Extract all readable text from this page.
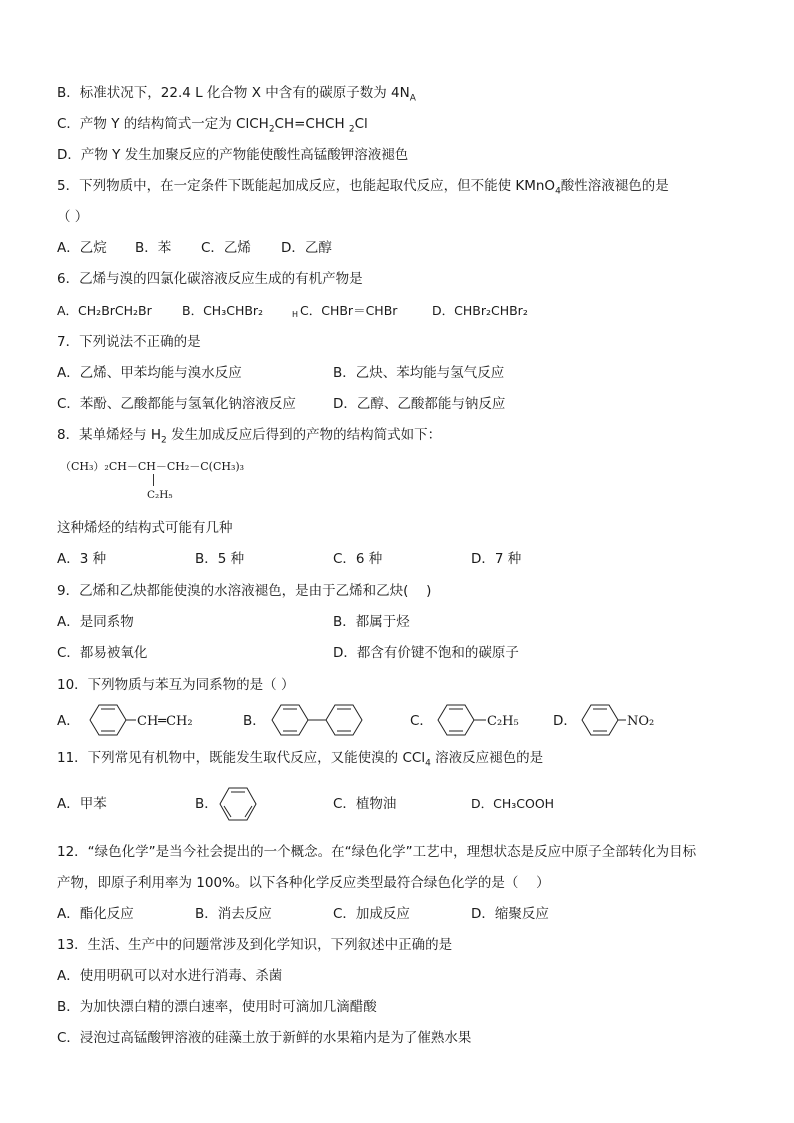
B．标准状况下，22.4 L 化合物 X 中含有的碳原子数为 $4N_A$
C．产物 Y 的结构简式一定为 ClCH$_2$CH=CHCH $_2$Cl
D．产物 Y 发生加聚反应的产物能使酸性高锰酸钾溶液褪色
5．下列物质中，在一定条件下既能起加成反应，也能起取代反应，但不能使 KMnO$_4$酸性溶液褪色的是
（ ）
A．乙烷 B．苯 C．乙烯 D．乙醇
6．乙烯与溴的四氯化碳溶液反应生成的有机产物是
A．CH₂BrCH₂Br B．CH₃CHBr₂	H C．CHBr＝CHBr	D．CHBr₂CHBr₂
7．下列说法不正确的是
A．乙烯、甲苯均能与溴水反应	B．乙炔、苯均能与氢气反应
C．苯酚、乙酸都能与氢氧化钠溶液反应	D．乙醇、乙酸都能与钠反应
8．某单烯烃与 $H_2$ 发生加成反应后得到的产物的结构简式如下：
（CH₃）₂CH－CH－CH₂－C(CH₃)₃
C₂H₅
这种烯烃的结构式可能有几种
A．3 种	B．5 种	C．6 种	D．7 种
9．乙烯和乙炔都能使溴的水溶液褪色，是由于乙烯和乙炔(　 )
A．是同系物	B．都属于烃
C．都易被氧化	D．都含有价键不饱和的碳原子
10．下列物质与苯互为同系物的是（ ）
A．	CH═CH₂	B．	C．	C₂H₅	D．	NO₂
11．下列常见有机物中，既能发生取代反应，又能使溴的 CCl$_4$ 溶液反应褪色的是
A．甲苯	B．	C．植物油	D．CH₃COOH
12．“绿色化学”是当今社会提出的一个概念。在“绿色化学”工艺中，理想状态是反应中原子全部转化为目标
产物，即原子利用率为 100%。以下各种化学反应类型最符合绿色化学的是（　 ）
A．酯化反应	B．消去反应	C．加成反应	D．缩聚反应
13．生活、生产中的问题常涉及到化学知识，下列叙述中正确的是
A．使用明矾可以对水进行消毒、杀菌
B．为加快漂白精的漂白速率，使用时可滴加几滴醋酸
C．浸泡过高锰酸钾溶液的硅藻土放于新鲜的水果箱内是为了催熟水果
